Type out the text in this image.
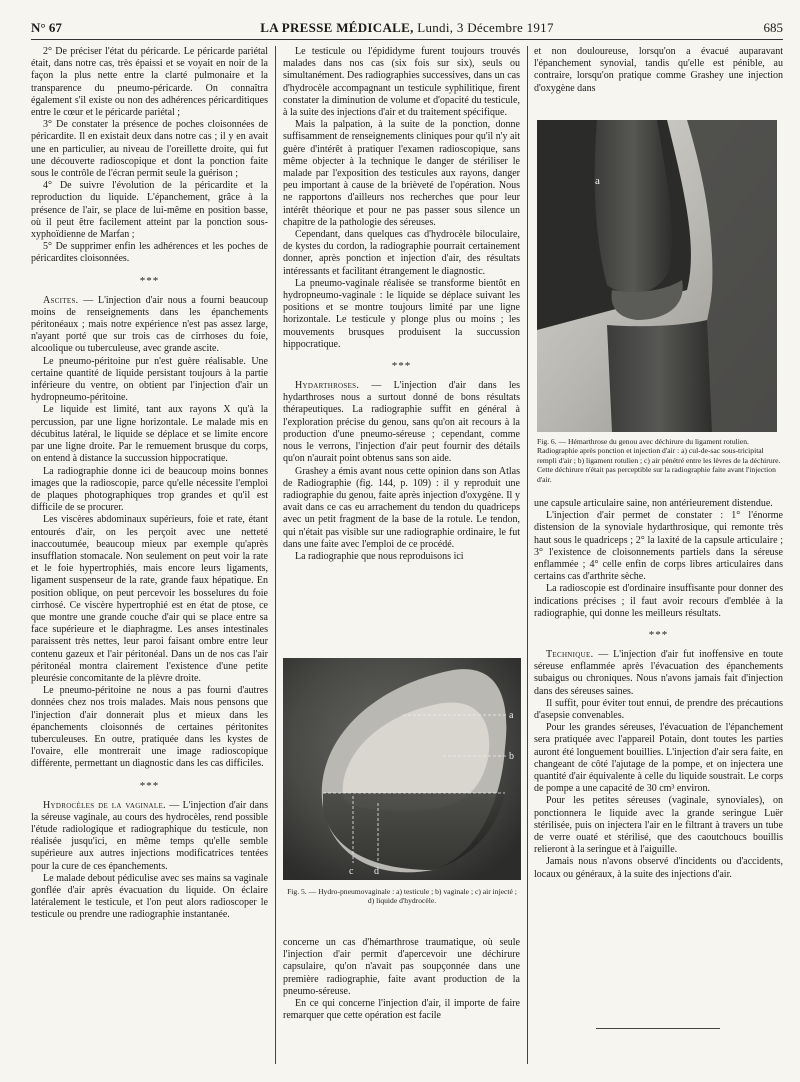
N° 67	LA PRESSE MÉDICALE, Lundi, 3 Décembre 1917	685

2° De préciser l'état du péricarde. Le péricarde pariétal était, dans notre cas, très épaissi et se voyait en noir de la façon la plus nette entre la clarté pulmonaire et la transparence du pneumo-péricarde. On connaîtra également s'il existe ou non des adhérences péricarditiques entre le cœur et le péricarde pariétal ;

3° De constater la présence de poches cloisonnées de péricardite. Il en existait deux dans notre cas ; il y en avait une en particulier, au niveau de l'oreillette droite, qui fut une découverte radioscopique et dont la ponction faite sous le contrôle de l'écran permit seule la guérison ;

4° De suivre l'évolution de la péricardite et la reproduction du liquide. L'épanchement, grâce à la présence de l'air, se place de lui-même en position basse, où il peut être facilement atteint par la ponction sous-xyphoïdienne de Marfan ;

5° De supprimer enfin les adhérences et les poches de péricardites cloisonnées.

***

Ascites. — L'injection d'air nous a fourni beaucoup moins de renseignements dans les épanchements péritonéaux ; mais notre expérience n'est pas assez large, n'ayant porté que sur trois cas de cirrhoses du foie, alcoolique ou tuberculeuse, avec grande ascite.

Le pneumo-péritoine pur n'est guère réalisable. Une certaine quantité de liquide persistant toujours à la partie inférieure du ventre, on obtient par l'injection d'air un hydropneumo-péritoine.

Le liquide est limité, tant aux rayons X qu'à la percussion, par une ligne horizontale. Le malade mis en décubitus latéral, le liquide se déplace et se limite encore par une ligne droite. Par le remuement brusque du corps, on entend à distance la succussion hippocratique.

La radiographie donne ici de beaucoup moins bonnes images que la radioscopie, parce qu'elle nécessite l'emploi de plaques photographiques trop grandes et qu'il est difficile de se procurer.

Les viscères abdominaux supérieurs, foie et rate, étant entourés d'air, on les perçoit avec une netteté inaccoutumée, beaucoup mieux par exemple qu'après insufflation stomacale. Non seulement on peut voir la rate et le foie hypertrophiés, mais encore leurs ligaments, ligament suspenseur de la rate, grande faux hépatique. En position oblique, on peut percevoir les bosselures du foie cirrhosé. Ce viscère hypertrophié est en état de ptose, ce que montre une grande couche d'air qui se place entre sa face supérieure et le diaphragme. Les anses intestinales paraissent très nettes, leur paroi faisant ombre entre leur contenu gazeux et l'air péritonéal. Dans un de nos cas l'air péritonéal montra clairement l'existence d'une petite pleurésie concomitante de la plèvre droite.

Le pneumo-péritoine ne nous a pas fourni d'autres données chez nos trois malades. Mais nous pensons que l'injection d'air donnerait plus et mieux dans les épanchements cloisonnés de certaines péritonites tuberculeuses. En outre, pratiquée dans les kystes de l'ovaire, elle montrerait une image radioscopique différente, permettant un diagnostic dans les cas difficiles.

***

Hydrocèles de la vaginale. — L'injection d'air dans la séreuse vaginale, au cours des hydrocèles, rend possible l'étude radiologique et radiographique du testicule, non réalisée jusqu'ici, en même temps qu'elle semble supérieure aux autres injections modificatrices tentées pour la cure de ces épanchements.

Le malade debout pédiculise avec ses mains sa vaginale gonflée d'air après évacuation du liquide. On éclaire latéralement le testicule, et l'on peut alors radioscoper le testicule ou prendre une radiographie instantanée.

Le testicule ou l'épididyme furent toujours trouvés malades dans nos cas (six fois sur six), seuls ou simultanément. Des radiographies successives, dans un cas d'hydrocèle accompagnant un testicule syphilitique, firent constater la diminution de volume et d'opacité du testicule, à la suite des injections d'air et du traitement spécifique.

Mais la palpation, à la suite de la ponction, donne suffisamment de renseignements cliniques pour qu'il n'y ait guère d'intérêt à pratiquer l'examen radioscopique, sans même objecter à la technique le danger de stériliser le malade par l'exposition des testicules aux rayons, danger peu important à cause de la brièveté de l'opération. Nous ne rapportons d'ailleurs nos recherches que pour leur intérêt théorique et pour ne pas passer sous silence un chapitre de la pathologie des séreuses.

Cependant, dans quelques cas d'hydrocèle biloculaire, de kystes du cordon, la radiographie pourrait certainement donner, après ponction et injection d'air, des résultats intéressants et facilitant étrangement le diagnostic.

La pneumo-vaginale réalisée se transforme bientôt en hydropneumo-vaginale : le liquide se déplace suivant les positions et se montre toujours limité par une ligne horizontale. Le testicule y plonge plus ou moins ; les mouvements brusques produisent la succussion hippocratique.

***

Hydarthroses. — L'injection d'air dans les hydarthroses nous a surtout donné de bons résultats thérapeutiques. La radiographie suffit en général à l'exploration précise du genou, sans qu'on ait recours à la production d'une pneumo-séreuse ; cependant, comme nous le verrons, l'injection d'air peut fournir des détails qu'on n'aurait point obtenus sans son aide.

Grashey a émis avant nous cette opinion dans son Atlas de Radiographie (fig. 144, p. 109) : il y reproduit une radiographie du genou, faite après injection d'oxygène. Il y avait dans ce cas eu arrachement du tendon du quadriceps avec un petit fragment de la base de la rotule. Le tendon, qui n'était pas visible sur une radiographie ordinaire, le fut dans une faite avec l'emploi de ce procédé.

La radiographie que nous reproduisons ici

a
b
c d
Fig. 5. — Hydro-pneumovaginale : a) testicule ; b) vaginale ; c) air injecté ; d) liquide d'hydrocèle.

concerne un cas d'hémarthrose traumatique, où seule l'injection d'air permit d'apercevoir une déchirure capsulaire, qu'on n'avait pas soupçonnée dans une première radiographie, faite avant production de la pneumo-séreuse.

En ce qui concerne l'injection d'air, il importe de faire remarquer que cette opération est facile

et non douloureuse, lorsqu'on a évacué auparavant l'épanchement synovial, tandis qu'elle est pénible, au contraire, lorsqu'on pratique comme Grashey une injection d'oxygène dans

a
Fig. 6. — Hémarthrose du genou avec déchirure du ligament rotulien. Radiographie après ponction et injection d'air : a) cul-de-sac sous-tricipital rempli d'air ; b) ligament rotulien ; c) air pénétré entre les lèvres de la déchirure.
Cette déchirure n'était pas perceptible sur la radiographie faite avant l'injection d'air.

une capsule articulaire saine, non antérieurement distendue.

L'injection d'air permet de constater : 1° l'énorme distension de la synoviale hydarthrosique, qui remonte très haut sous le quadriceps ; 2° la laxité de la capsule articulaire ; 3° l'existence de cloisonnements partiels dans la séreuse enflammée ; 4° celle enfin de corps libres articulaires dans certains cas d'arthrite sèche.

La radioscopie est d'ordinaire insuffisante pour donner des indications précises ; il faut avoir recours d'emblée à la radiographie, qui donne les meilleurs résultats.

***

Technique. — L'injection d'air fut inoffensive en toute séreuse enflammée après l'évacuation des épanchements subaigus ou chroniques. Nous n'avons jamais fait d'injection dans des séreuses saines.

Il suffit, pour éviter tout ennui, de prendre des précautions d'asepsie convenables.

Pour les grandes séreuses, l'évacuation de l'épanchement sera pratiquée avec l'appareil Potain, dont toutes les parties auront été longuement bouillies. L'injection d'air sera faite, en changeant de côté l'ajutage de la pompe, et on injectera une quantité d'air équivalente à celle du liquide soustrait. Le corps de pompe a une capacité de 30 cm³ environ.

Pour les petites séreuses (vaginale, synoviales), on ponctionnera le liquide avec la grande seringue Luër stérilisée, puis on injectera l'air en le filtrant à travers un tube de verre ouaté et stérilisé, que des caoutchoucs bouillis relieront à la seringue et à l'aiguille.

Jamais nous n'avons observé d'incidents ou d'accidents, locaux ou généraux, à la suite des injections d'air.
